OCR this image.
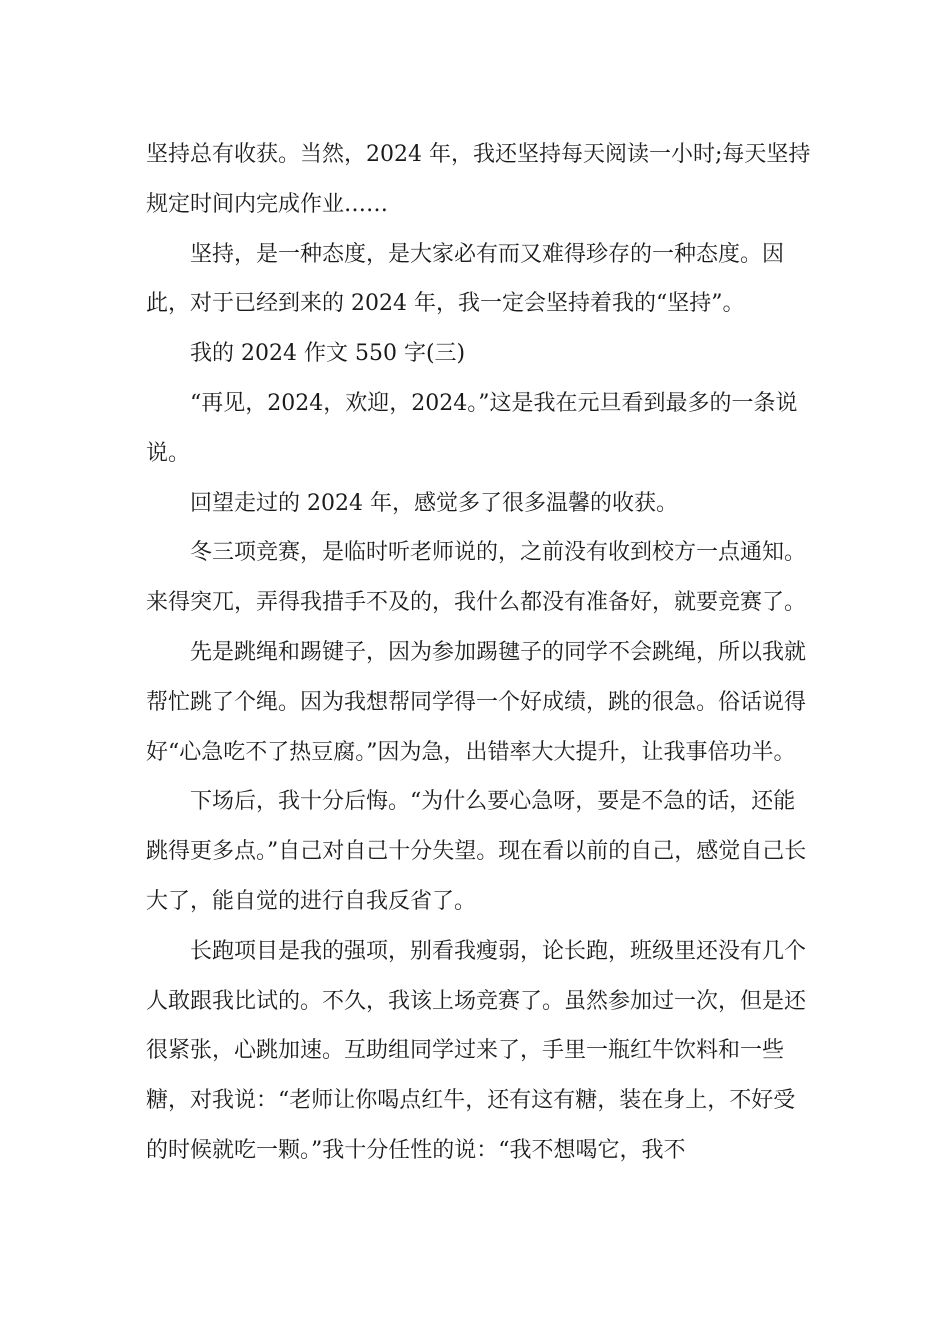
坚持总有收获。当然，2024 年，我还坚持每天阅读一小时;每天坚持规定时间内完成作业……

坚持，是一种态度，是大家必有而又难得珍存的一种态度。因此，对于已经到来的 2024 年，我一定会坚持着我的“坚持”。

我的 2024 作文 550 字(三)

“再见，2024，欢迎，2024。”这是我在元旦看到最多的一条说说。

回望走过的 2024 年，感觉多了很多温馨的收获。

冬三项竞赛，是临时听老师说的，之前没有收到校方一点通知。来得突兀，弄得我措手不及的，我什么都没有准备好，就要竞赛了。

先是跳绳和踢键子，因为参加踢毽子的同学不会跳绳，所以我就帮忙跳了个绳。因为我想帮同学得一个好成绩，跳的很急。俗话说得好“心急吃不了热豆腐。”因为急，出错率大大提升，让我事倍功半。

下场后，我十分后悔。“为什么要心急呀，要是不急的话，还能跳得更多点。”自己对自己十分失望。现在看以前的自己，感觉自己长大了，能自觉的进行自我反省了。

长跑项目是我的强项，别看我瘦弱，论长跑，班级里还没有几个人敢跟我比试的。不久，我该上场竞赛了。虽然参加过一次，但是还很紧张，心跳加速。互助组同学过来了，手里一瓶红牛饮料和一些糖，对我说：“老师让你喝点红牛，还有这有糖，装在身上，不好受的时候就吃一颗。”我十分任性的说：“我不想喝它，我不
